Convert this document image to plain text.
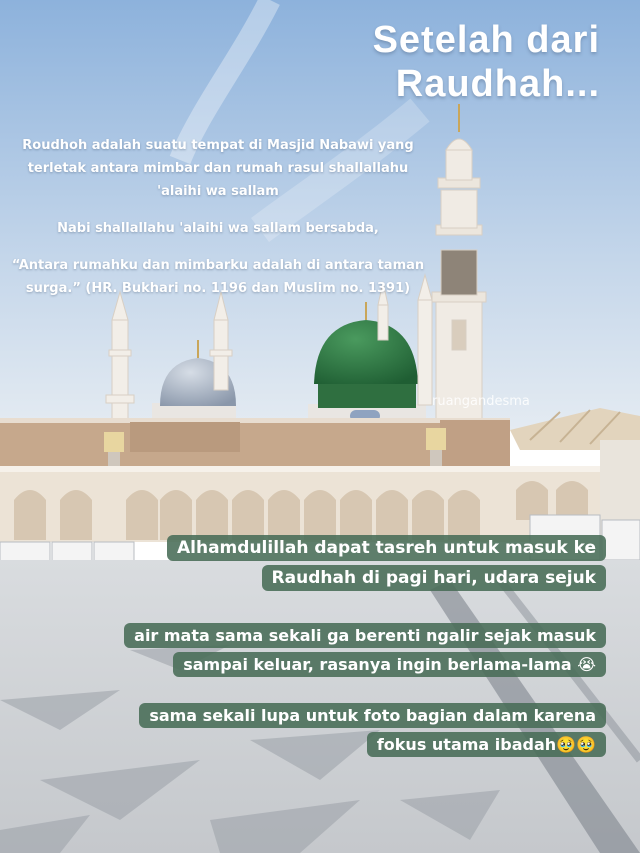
Setelah dari
Raudhah...

Roudhoh adalah suatu tempat di Masjid Nabawi yang terletak antara mimbar dan rumah rasul shallallahu 'alaihi wa sallam

Nabi shallallahu 'alaihi wa sallam bersabda,

“Antara rumahku dan mimbarku adalah di antara taman surga.” (HR. Bukhari no. 1196 dan Muslim no. 1391)

ruangandesma
Alhamdulillah dapat tasreh untuk masuk ke Raudhah di pagi hari, udara sejuk
air mata sama sekali ga berenti ngalir sejak masuk sampai keluar, rasanya ingin berlama-lama 😭
sama sekali lupa untuk foto bagian dalam karena fokus utama ibadah🥹🥹
